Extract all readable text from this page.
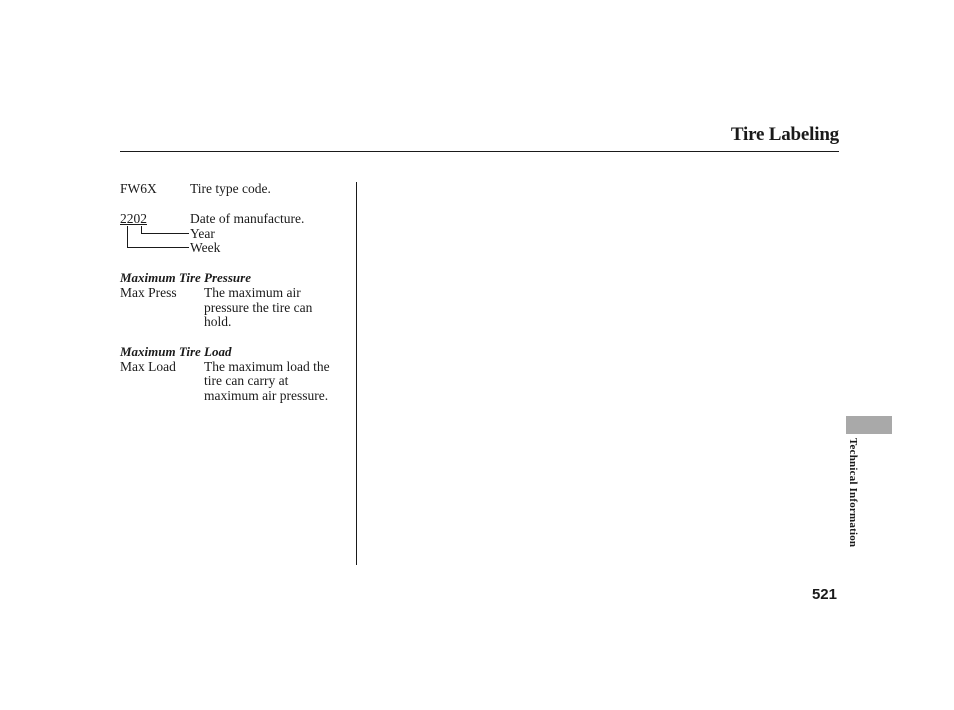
Tire Labeling
FW6X Tire type code.
2202	Date of manufacture.
Year
Week
Maximum Tire Pressure
Max Press The maximum air
pressure the tire can
hold.
Maximum Tire Load
Max Load The maximum load the
tire can carry at
maximum air pressure.
Technical Information
521
